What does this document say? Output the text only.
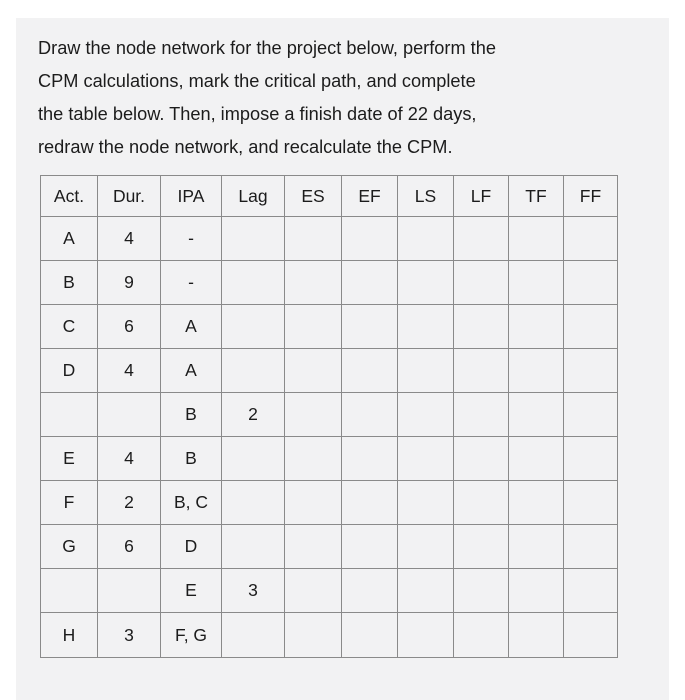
Draw the node network for the project below, perform the

CPM calculations, mark the critical path, and complete

the table below. Then, impose a finish date of 22 days,

redraw the node network, and recalculate the CPM.

Act.	Dur.	IPA	Lag	ES	EF	LS	LF	TF	FF
A	4	-							
B	9	-							
C	6	A							
D	4	A							
		B	2						
E	4	B							
F	2	B, C							
G	6	D							
		E	3						
H	3	F, G							
